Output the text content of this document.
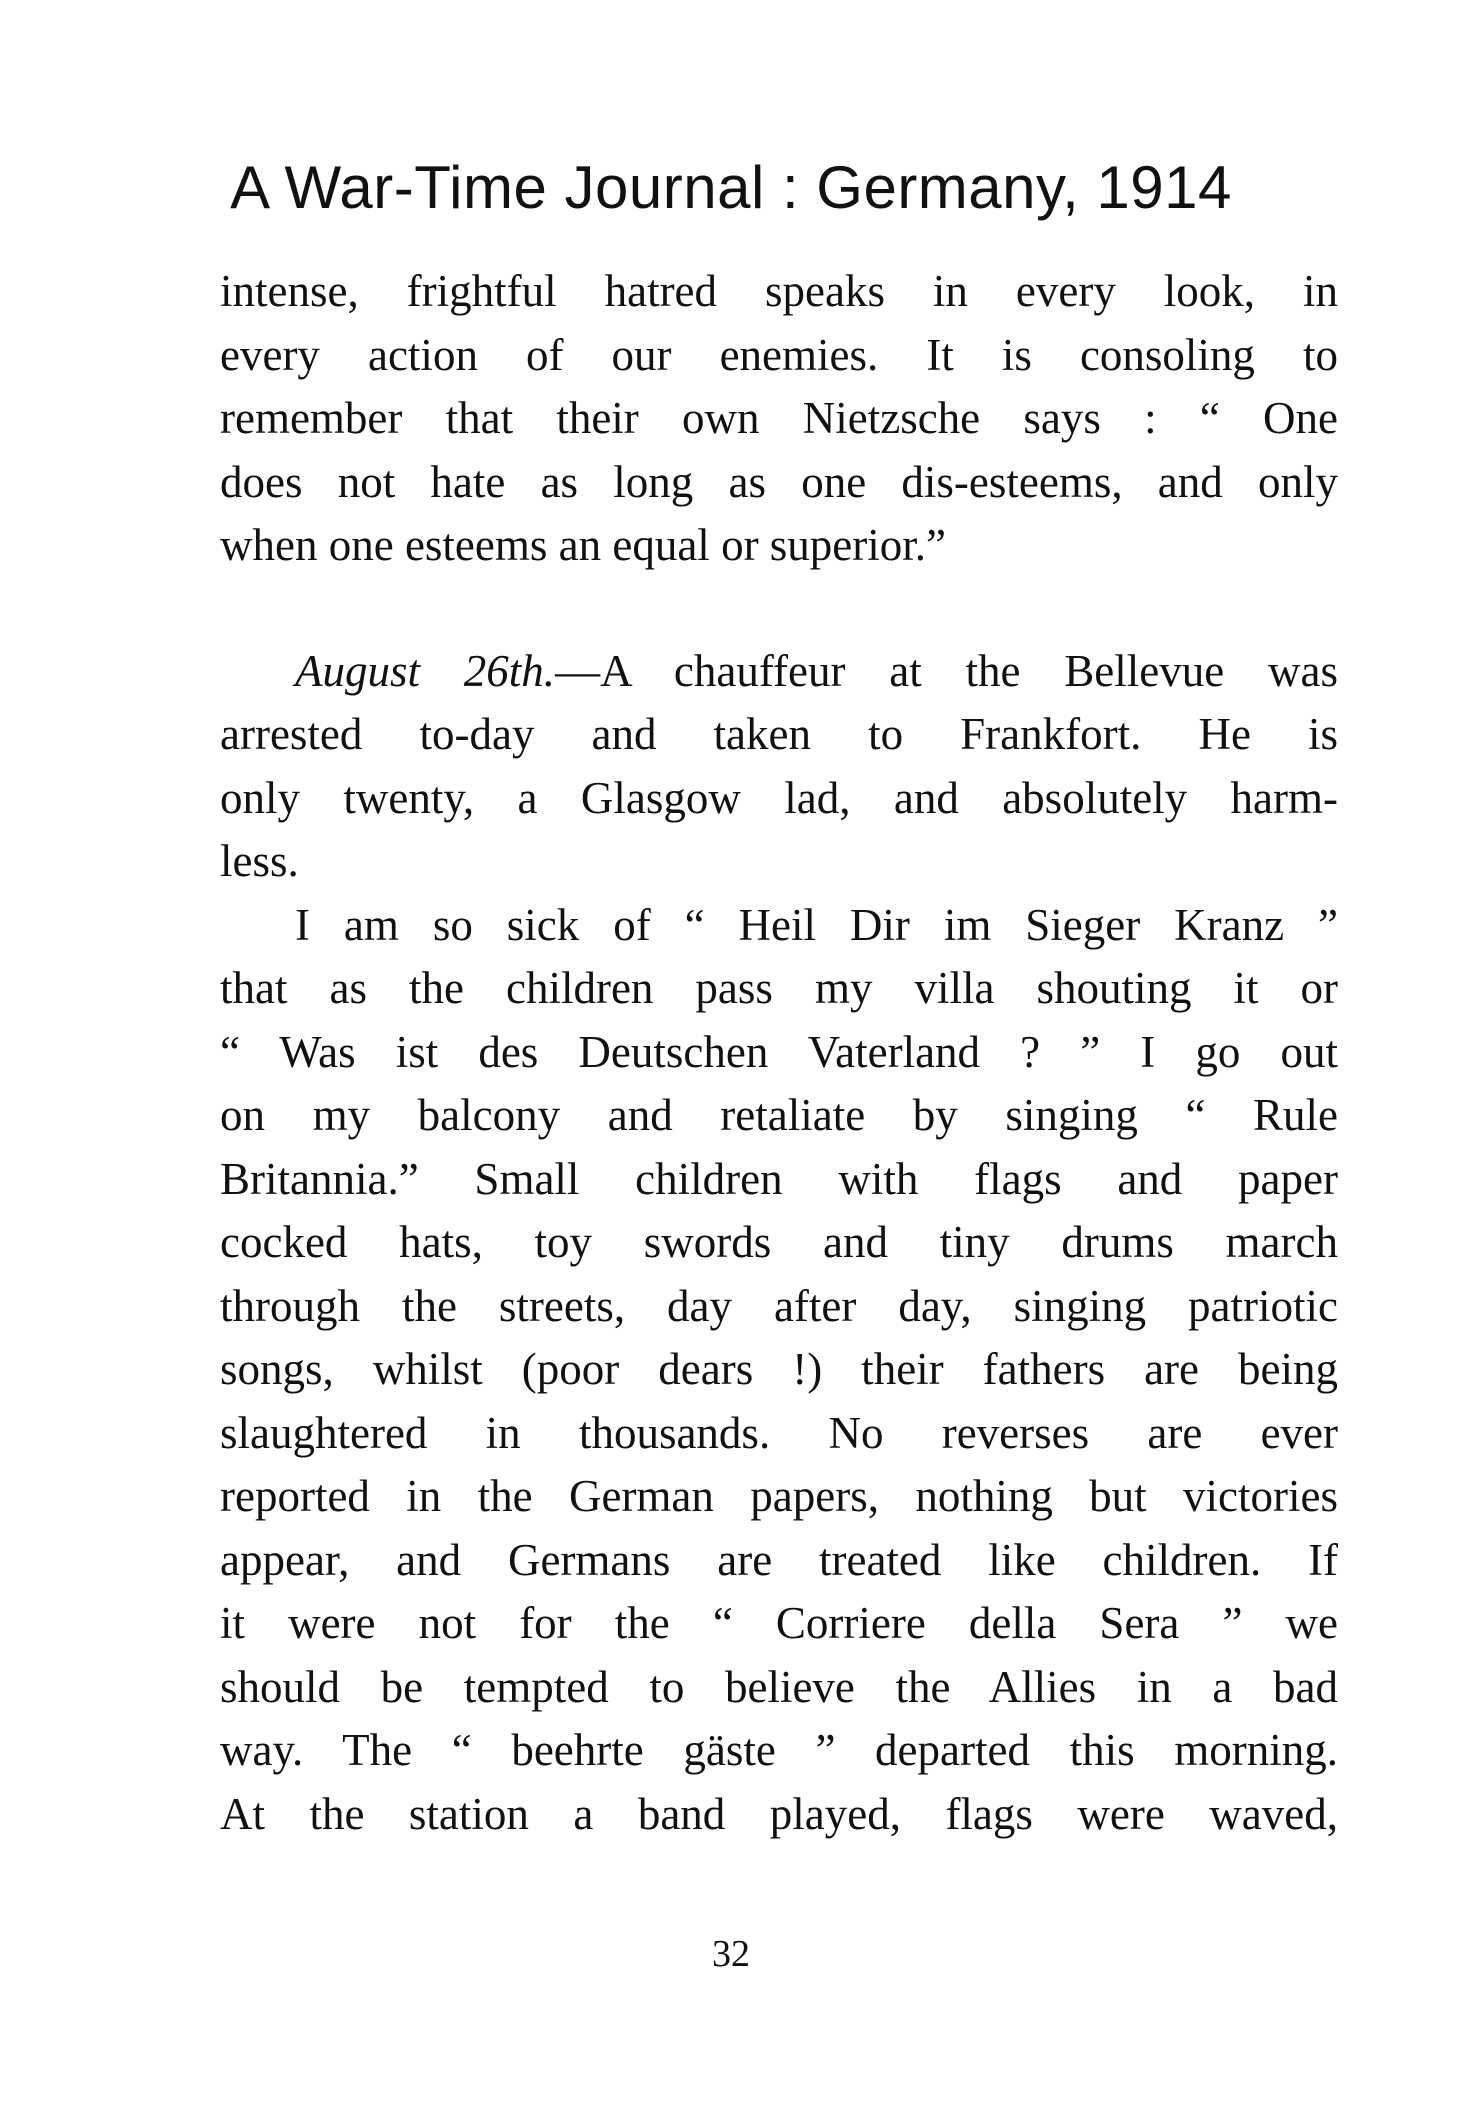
A War-Time Journal : Germany, 1914
intense, frightful hatred speaks in every look, in
every action of our enemies. It is consoling to
remember that their own Nietzsche says : “ One
does not hate as long as one dis-esteems, and only
when one esteems an equal or superior.”
August 26th.—A chauffeur at the Bellevue was
arrested to-day and taken to Frankfort. He is
only twenty, a Glasgow lad, and absolutely harm-
less.
I am so sick of “ Heil Dir im Sieger Kranz ”
that as the children pass my villa shouting it or
“ Was ist des Deutschen Vaterland ? ” I go out
on my balcony and retaliate by singing “ Rule
Britannia.” Small children with flags and paper
cocked hats, toy swords and tiny drums march
through the streets, day after day, singing patriotic
songs, whilst (poor dears !) their fathers are being
slaughtered in thousands. No reverses are ever
reported in the German papers, nothing but victories
appear, and Germans are treated like children. If
it were not for the “ Corriere della Sera ” we
should be tempted to believe the Allies in a bad
way. The “ beehrte gäste ” departed this morning.
At the station a band played, flags were waved,
32
